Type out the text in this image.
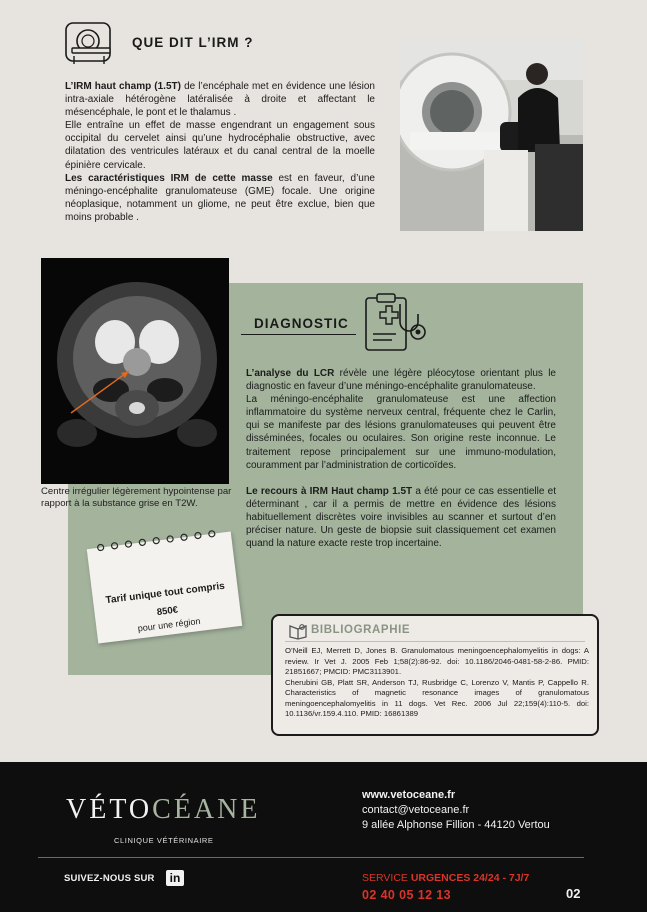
QUE DIT L’IRM ?

L’IRM haut champ (1.5T) de l’encéphale met en évidence une lésion intra-axiale hétérogène latéralisée à droite et affectant le mésencéphale, le pont et le thalamus .

Elle entraîne un effet de masse engendrant un engagement sous occipital du cervelet ainsi qu’une hydrocéphalie obstructive, avec dilatation des ventricules latéraux et du canal central de la moelle épinière cervicale.

Les caractéristiques IRM de cette masse est en faveur, d’une méningo-encéphalite granulomateuse (GME) focale. Une origine néoplasique, notamment un gliome, ne peut être exclue, bien que moins probable .

Centre irrégulier légèrement hypointense par rapport à la substance grise en T2W.
DIAGNOSTIC

L’analyse du LCR révèle une légère pléocytose orientant plus le diagnostic en faveur d’une méningo-encéphalite granulomateuse.

La méningo-encéphalite granulomateuse est une affection inflammatoire du système nerveux central, fréquente chez le Carlin, qui se manifeste par des lésions granulomateuses qui peuvent être disséminées, focales ou oculaires. Son origine reste inconnue. Le traitement repose principalement sur une immuno-modulation, couramment par l’administration de corticoïdes.

Le recours à IRM Haut champ 1.5T a été pour ce cas essentielle et déterminant , car il a permis de mettre en évidence des lésions habituellement discrètes voire invisibles au scanner et surtout d’en préciser nature. Un geste de biopsie suit classiquement cet examen quand la nature exacte reste trop incertaine.

Tarif unique tout compris
850€
pour une région	BIBLIOGRAPHIE
O’Neill EJ, Merrett D, Jones B. Granulomatous meningoencephalomyelitis in dogs: A review. Ir Vet J. 2005 Feb 1;58(2):86-92. doi: 10.1186/2046-0481-58-2-86. PMID: 21851667; PMCID: PMC3113901.
Cherubini GB, Platt SR, Anderson TJ, Rusbridge C, Lorenzo V, Mantis P, Cappello R. Characteristics of magnetic resonance images of granulomatous meningoencephalomyelitis in 11 dogs. Vet Rec. 2006 Jul 22;159(4):110-5. doi: 10.1136/vr.159.4.110. PMID: 16861389
VÉTOCÉANE
CLINIQUE VÉTÉRINAIRE
www.vetoceane.fr
contact@vetoceane.fr
9 allée Alphonse Fillion - 44120 Vertou
SUIVEZ-NOUS SUR	in	SERVICE URGENCES 24/24 - 7J/7
02 40 05 12 13	02
